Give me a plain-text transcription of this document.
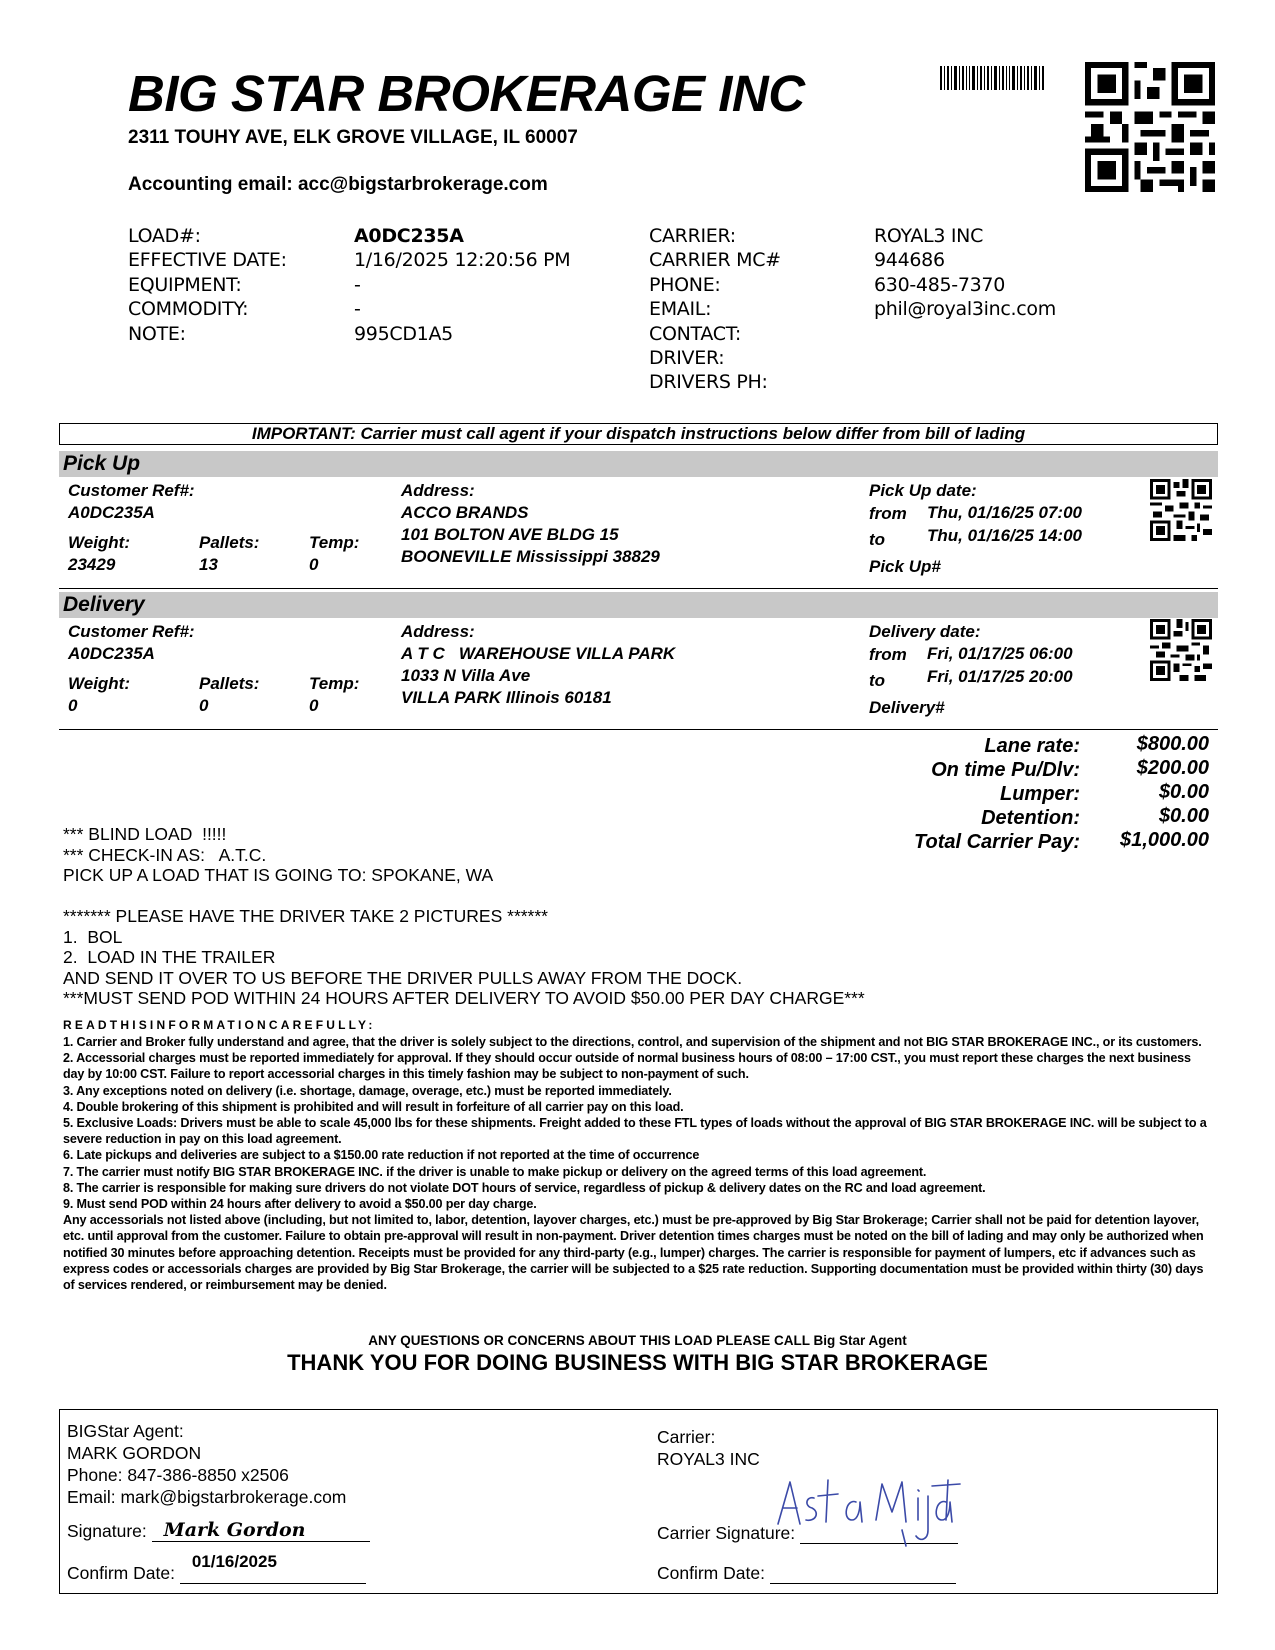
BIG STAR BROKERAGE INC
2311 TOUHY AVE, ELK GROVE VILLAGE, IL 60007
Accounting email: acc@bigstarbrokerage.com
LOAD#:
EFFECTIVE DATE:
EQUIPMENT:
COMMODITY:
NOTE:
A0DC235A
1/16/2025 12:20:56 PM
-
-
995CD1A5
CARRIER:
CARRIER MC#
PHONE:
EMAIL:
CONTACT:
DRIVER:
DRIVERS PH:
ROYAL3 INC
944686
630-485-7370
phil@royal3inc.com
IMPORTANT: Carrier must call agent if your dispatch instructions below differ from bill of lading
Pick Up
Customer Ref#:
A0DC235A
Weight:
23429
Pallets:
13
Temp:
0
Address:
ACCO BRANDS
101 BOLTON AVE BLDG 15
BOONEVILLE Mississippi 38829
Pick Up date:
from Thu, 01/16/25 07:00
to Thu, 01/16/25 14:00
Pick Up#
Delivery
Customer Ref#:
A0DC235A
Weight:
0
Pallets:
0
Temp:
0
Address:
A T C   WAREHOUSE VILLA PARK
1033 N Villa Ave
VILLA PARK Illinois 60181
Delivery date:
from Fri, 01/17/25 06:00
to Fri, 01/17/25 20:00
Delivery#
Lane rate:
On time Pu/Dlv:
Lumper:
Detention:
Total Carrier Pay:
$800.00
$200.00
$0.00
$0.00
$1,000.00
*** BLIND LOAD  !!!!!
*** CHECK-IN AS:   A.T.C.
PICK UP A LOAD THAT IS GOING TO: SPOKANE, WA

******* PLEASE HAVE THE DRIVER TAKE 2 PICTURES ******
1.  BOL
2.  LOAD IN THE TRAILER
AND SEND IT OVER TO US BEFORE THE DRIVER PULLS AWAY FROM THE DOCK.
***MUST SEND POD WITHIN 24 HOURS AFTER DELIVERY TO AVOID $50.00 PER DAY CHARGE***
READTHISINFORMATIONCAREFULLY:
1. Carrier and Broker fully understand and agree, that the driver is solely subject to the directions, control, and supervision of the shipment and not BIG STAR BROKERAGE INC., or its customers.
2. Accessorial charges must be reported immediately for approval. If they should occur outside of normal business hours of 08:00 – 17:00 CST., you must report these charges the next business day by 10:00 CST. Failure to report accessorial charges in this timely fashion may be subject to non-payment of such.
3. Any exceptions noted on delivery (i.e. shortage, damage, overage, etc.) must be reported immediately.
4. Double brokering of this shipment is prohibited and will result in forfeiture of all carrier pay on this load.
5. Exclusive Loads: Drivers must be able to scale 45,000 lbs for these shipments. Freight added to these FTL types of loads without the approval of BIG STAR BROKERAGE INC. will be subject to a severe reduction in pay on this load agreement.
6. Late pickups and deliveries are subject to a $150.00 rate reduction if not reported at the time of occurrence
7. The carrier must notify BIG STAR BROKERAGE INC. if the driver is unable to make pickup or delivery on the agreed terms of this load agreement.
8. The carrier is responsible for making sure drivers do not violate DOT hours of service, regardless of pickup & delivery dates on the RC and load agreement.
9. Must send POD within 24 hours after delivery to avoid a $50.00 per day charge.
Any accessorials not listed above (including, but not limited to, labor, detention, layover charges, etc.) must be pre-approved by Big Star Brokerage; Carrier shall not be paid for detention layover, etc. until approval from the customer. Failure to obtain pre-approval will result in non-payment. Driver detention times charges must be noted on the bill of lading and may only be authorized when notified 30 minutes before approaching detention. Receipts must be provided for any third-party (e.g., lumper) charges. The carrier is responsible for payment of lumpers, etc if advances such as express codes or accessorials charges are provided by Big Star Brokerage, the carrier will be subjected to a $25 rate reduction. Supporting documentation must be provided within thirty (30) days of services rendered, or reimbursement may be denied.
ANY QUESTIONS OR CONCERNS ABOUT THIS LOAD PLEASE CALL Big Star Agent
THANK YOU FOR DOING BUSINESS WITH BIG STAR BROKERAGE
BIGStar Agent:
MARK GORDON
Phone: 847-386-8850 x2506
Email: mark@bigstarbrokerage.com
Signature: Mark Gordon
Confirm Date:
01/16/2025
Carrier:
ROYAL3 INC
Carrier Signature:
Confirm Date:
